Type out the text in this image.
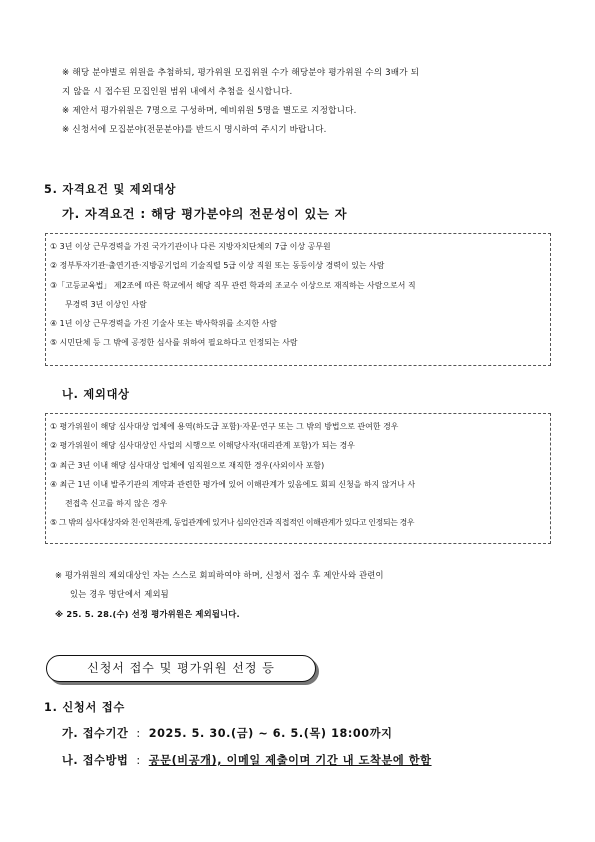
※ 해당 분야별로 위원을 추첨하되, 평가위원 모집위원 수가 해당분야 평가위원 수의 3배가 되
지 않을 시 접수된 모집인원 범위 내에서 추첨을 실시합니다.
※ 제안서 평가위원은 7명으로 구성하며, 예비위원 5명을 별도로 지정합니다.
※ 신청서에 모집분야(전문분야)를 반드시 명시하여 주시기 바랍니다.
5. 자격요건 및 제외대상
가. 자격요건 : 해당 평가분야의 전문성이 있는 자
① 3년 이상 근무경력을 가진 국가기관이나 다른 지방자치단체의 7급 이상 공무원
② 정부투자기관·출연기관·지방공기업의 기술직렬 5급 이상 직원 또는 동등이상 경력이 있는 사람
③「고등교육법」 제2조에 따른 학교에서 해당 직무 관련 학과의 조교수 이상으로 재직하는 사람으로서 직
무경력 3년 이상인 사람
④ 1년 이상 근무경력을 가진 기술사 또는 박사학위를 소지한 사람
⑤ 시민단체 등 그 밖에 공정한 심사를 위하여 필요하다고 인정되는 사람
나. 제외대상
① 평가위원이 해당 심사대상 업체에 용역(하도급 포함)·자문·연구 또는 그 밖의 방법으로 관여한 경우
② 평가위원이 해당 심사대상인 사업의 시행으로 이해당사자(대리관계 포함)가 되는 경우
③ 최근 3년 이내 해당 심사대상 업체에 임직원으로 재직한 경우(사외이사 포함)
④ 최근 1년 이내 발주기관의 계약과 관련한 평가에 있어 이해관계가 있음에도 회피 신청을 하지 않거나 사
전접촉 신고를 하지 않은 경우
⑤ 그 밖의 심사대상자와 친·인척관계, 동업관계에 있거나 심의안건과 직접적인 이해관계가 있다고 인정되는 경우
※ 평가위원의 제외대상인 자는 스스로 회피하여야 하며, 신청서 접수 후 제안사와 관련이
있는 경우 명단에서 제외됨
※ 25. 5. 28.(수) 선정 평가위원은 제외됩니다.
신청서 접수 및 평가위원 선정 등
1. 신청서 접수
가. 접수기간 : 2025. 5. 30.(금) ~ 6. 5.(목) 18:00까지
나. 접수방법 : 공문(비공개), 이메일 제출이며 기간 내 도착분에 한함
